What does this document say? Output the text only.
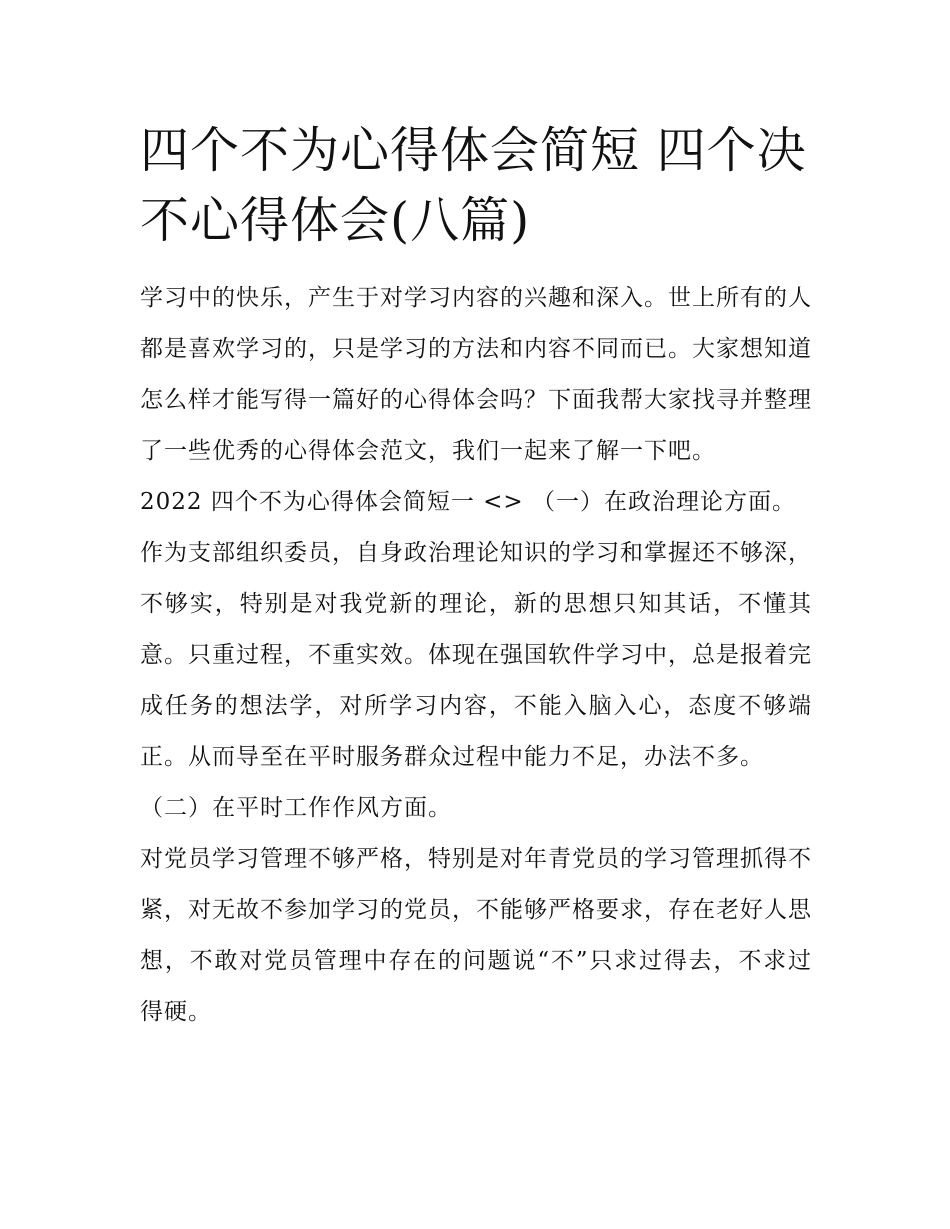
四个不为心得体会简短 四个决不心得体会(八篇)

学习中的快乐，产生于对学习内容的兴趣和深入。世上所有的人都是喜欢学习的，只是学习的方法和内容不同而已。大家想知道怎么样才能写得一篇好的心得体会吗？下面我帮大家找寻并整理了一些优秀的心得体会范文，我们一起来了解一下吧。

2022 四个不为心得体会简短一 <> （一）在政治理论方面。

作为支部组织委员，自身政治理论知识的学习和掌握还不够深，不够实，特别是对我党新的理论，新的思想只知其话，不懂其意。只重过程，不重实效。体现在强国软件学习中，总是报着完成任务的想法学，对所学习内容，不能入脑入心，态度不够端正。从而导至在平时服务群众过程中能力不足，办法不多。

（二）在平时工作作风方面。

对党员学习管理不够严格，特别是对年青党员的学习管理抓得不紧，对无故不参加学习的党员，不能够严格要求，存在老好人思想，不敢对党员管理中存在的问题说“不”只求过得去，不求过得硬。
